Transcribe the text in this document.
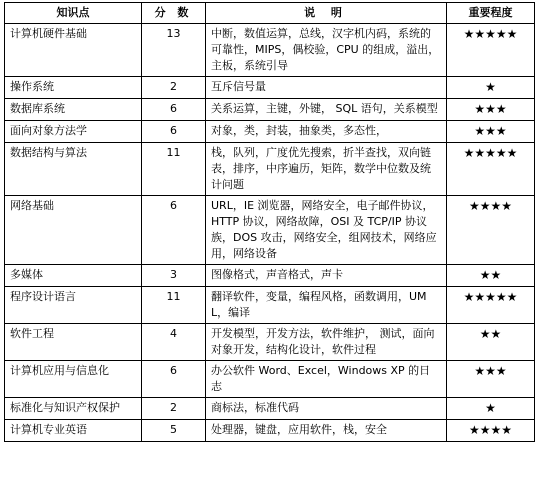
知识点	分 数	说 明	重要程度
计算机硬件基础	13	中断，数值运算，总线，汉字机内码，系统的可靠性，MIPS，偶校验，CPU 的组成，溢出，主板，系统引导	★★★★★
操作系统	2	互斥信号量	★
数据库系统	6	关系运算，主键，外键， SQL 语句，关系模型	★★★
面向对象方法学	6	对象，类，封装，抽象类，多态性，	★★★
数据结构与算法	11	栈，队列，广度优先搜索，折半查找，双向链表，排序，中序遍历，矩阵，数学中位数及统计问题	★★★★★
网络基础	6	URL，IE 浏览器，网络安全，电子邮件协议，HTTP 协议，网络故障，OSI 及 TCP/IP 协议族，DOS 攻击，网络安全，组网技术，网络应用，网络设备	★★★★
多媒体	3	图像格式，声音格式，声卡	★★
程序设计语言	11	翻译软件，变量，编程风格，函数调用，UML，编译	★★★★★
软件工程	4	开发模型，开发方法，软件维护， 测试，面向对象开发，结构化设计，软件过程	★★
计算机应用与信息化	6	办公软件 Word、Excel，Windows XP 的日志	★★★
标准化与知识产权保护	2	商标法，标准代码	★
计算机专业英语	5	处理器，键盘，应用软件，栈，安全	★★★★
